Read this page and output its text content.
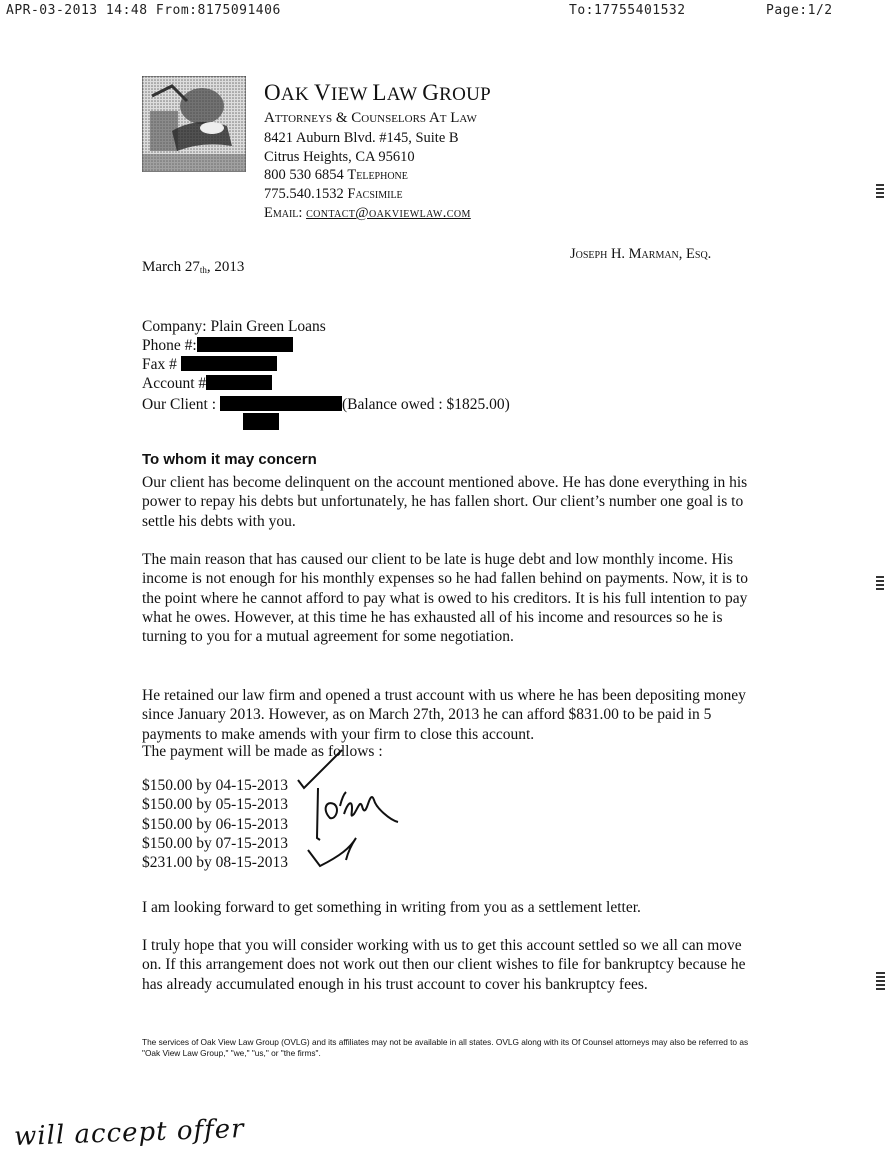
APR-03-2013 14:48 From:8175091406	To:17755401532	Page:1/2
OAK VIEW LAW GROUP
Attorneys & Counselors At Law
8421 Auburn Blvd. #145, Suite B
Citrus Heights, CA 95610
800 530 6854 Telephone
775.540.1532 Facsimile
Email: contact@oakviewlaw.com
Joseph H. Marman, Esq.
March $27_{th}$, 2013
Company: Plain Green Loans
Phone #:
Fax #
Account #
Our Client :	(Balance owed : $1825.00)
To whom it may concern
Our client has become delinquent on the account mentioned above. He has done everything in his power to repay his debts but unfortunately, he has fallen short. Our client’s number one goal is to settle his debts with you.
The main reason that has caused our client to be late is huge debt and low monthly income. His income is not enough for his monthly expenses so he had fallen behind on payments. Now, it is to the point where he cannot afford to pay what is owed to his creditors. It is his full intention to pay what he owes. However, at this time he has exhausted all of his income and resources so he is turning to you for a mutual agreement for some negotiation.
He retained our law firm and opened a trust account with us where he has been depositing money since January 2013. However, as on March 27th, 2013 he can afford $831.00 to be paid in 5 payments to make amends with your firm to close this account.
The payment will be made as follows :
$150.00 by 04-15-2013
$150.00 by 05-15-2013
$150.00 by 06-15-2013
$150.00 by 07-15-2013
$231.00 by 08-15-2013
I am looking forward to get something in writing from you as a settlement letter.
I truly hope that you will consider working with us to get this account settled so we all can move on. If this arrangement does not work out then our client wishes to file for bankruptcy because he has already accumulated enough in his trust account to cover his bankruptcy fees.
The services of Oak View Law Group (OVLG) and its affiliates may not be available in all states. OVLG along with its Of Counsel attorneys may also be referred to as "Oak View Law Group," "we," "us," or "the firms".
will accept offer
